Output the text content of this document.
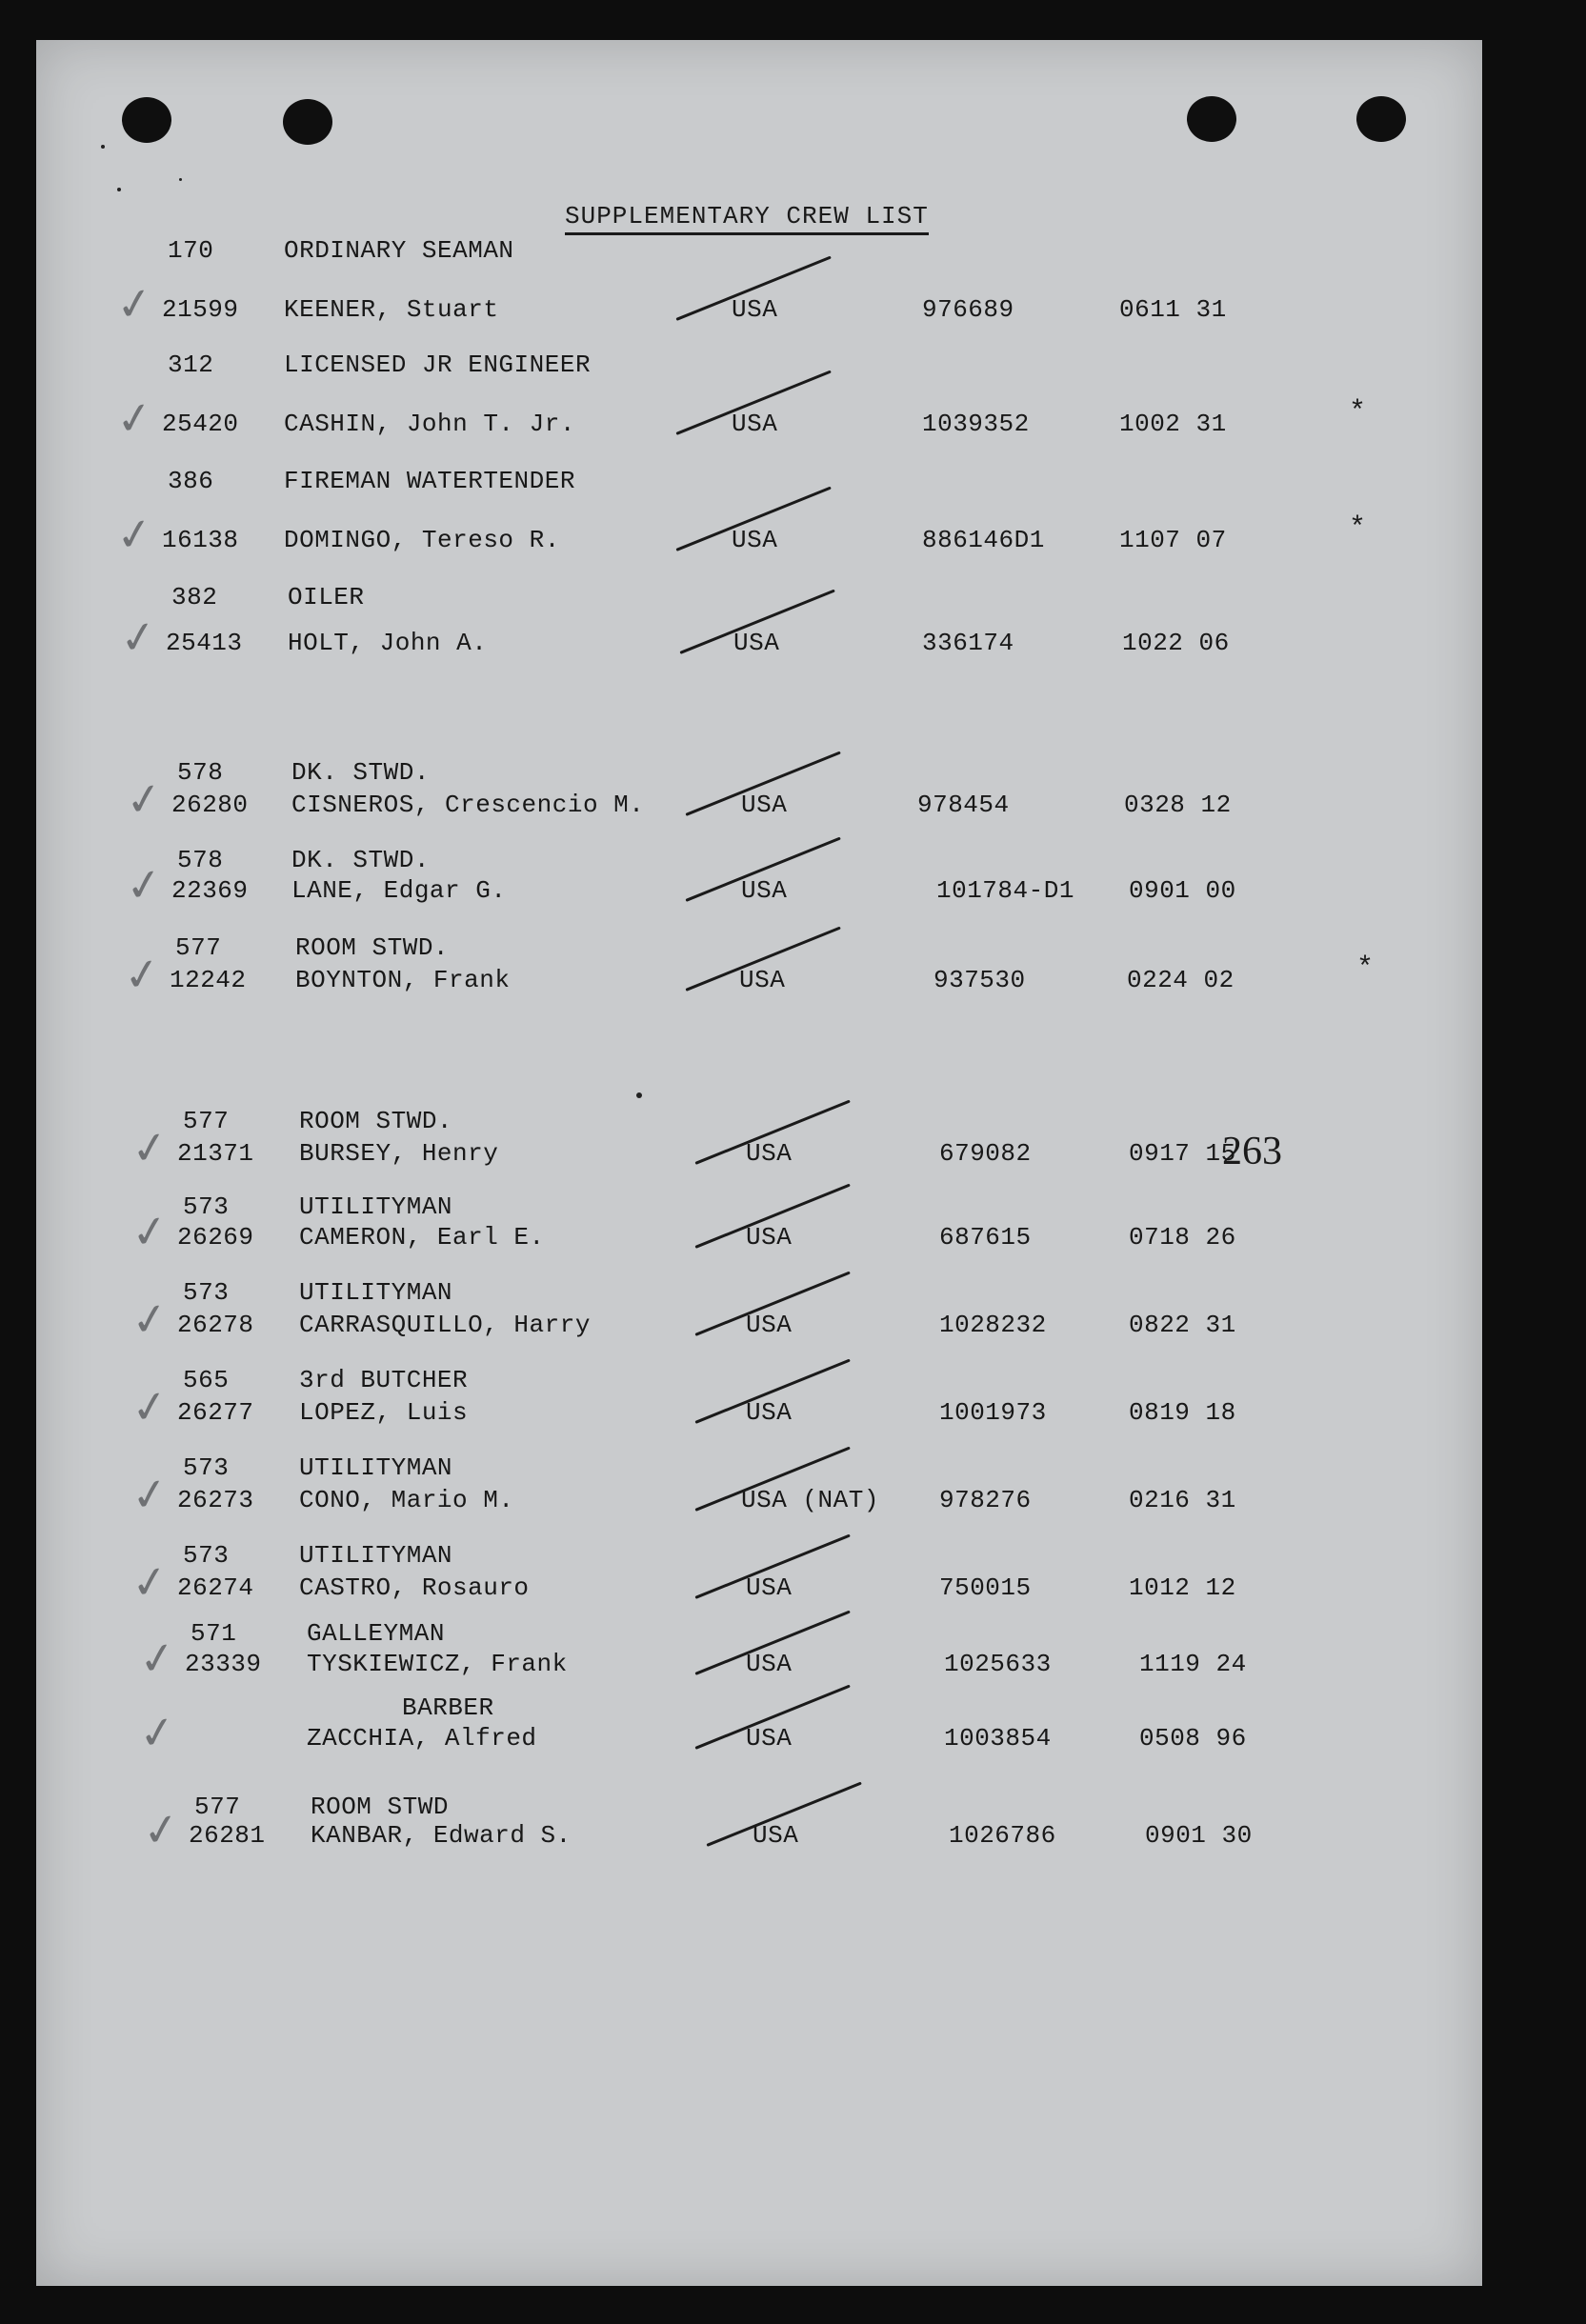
SUPPLEMENTARY CREW LIST
263
170	ORDINARY SEAMAN
✓ 21599 KEENER, Stuart	USA	976689	0611 31
312	LICENSED JR ENGINEER
✓ 25420 CASHIN, John T. Jr.	USA	1039352	1002 31	*
386	FIREMAN WATERTENDER
✓ 16138 DOMINGO, Tereso R.	USA	886146D1	1107 07	*
382	OILER
✓ 25413 HOLT, John A.	USA	336174	1022 06
578	DK. STWD.
✓ 26280 CISNEROS, Crescencio M.	USA	978454	0328 12
578	DK. STWD.
✓ 22369 LANE, Edgar G.	USA	101784-D1 0901 00
577	ROOM STWD.
✓ 12242 BOYNTON, Frank	USA	937530	0224 02	*
577	ROOM STWD.
✓ 21371 BURSEY, Henry	USA	679082	0917 15
573	UTILITYMAN
✓ 26269 CAMERON, Earl E.	USA	687615	0718 26
573	UTILITYMAN
✓ 26278 CARRASQUILLO, Harry	USA	1028232	0822 31
565	3rd BUTCHER
✓ 26277 LOPEZ, Luis	USA	1001973	0819 18
573	UTILITYMAN
✓ 26273 CONO, Mario M.	USA (NAT) 978276	0216 31
573	UTILITYMAN
✓ 26274 CASTRO, Rosauro	USA	750015	1012 12
571	GALLEYMAN
✓ 23339 TYSKIEWICZ, Frank	USA	1025633	1119 24
BARBER
✓	ZACCHIA, Alfred	USA	1003854	0508 96
577	ROOM STWD
✓ 26281 KANBAR, Edward S.	USA	1026786	0901 30
